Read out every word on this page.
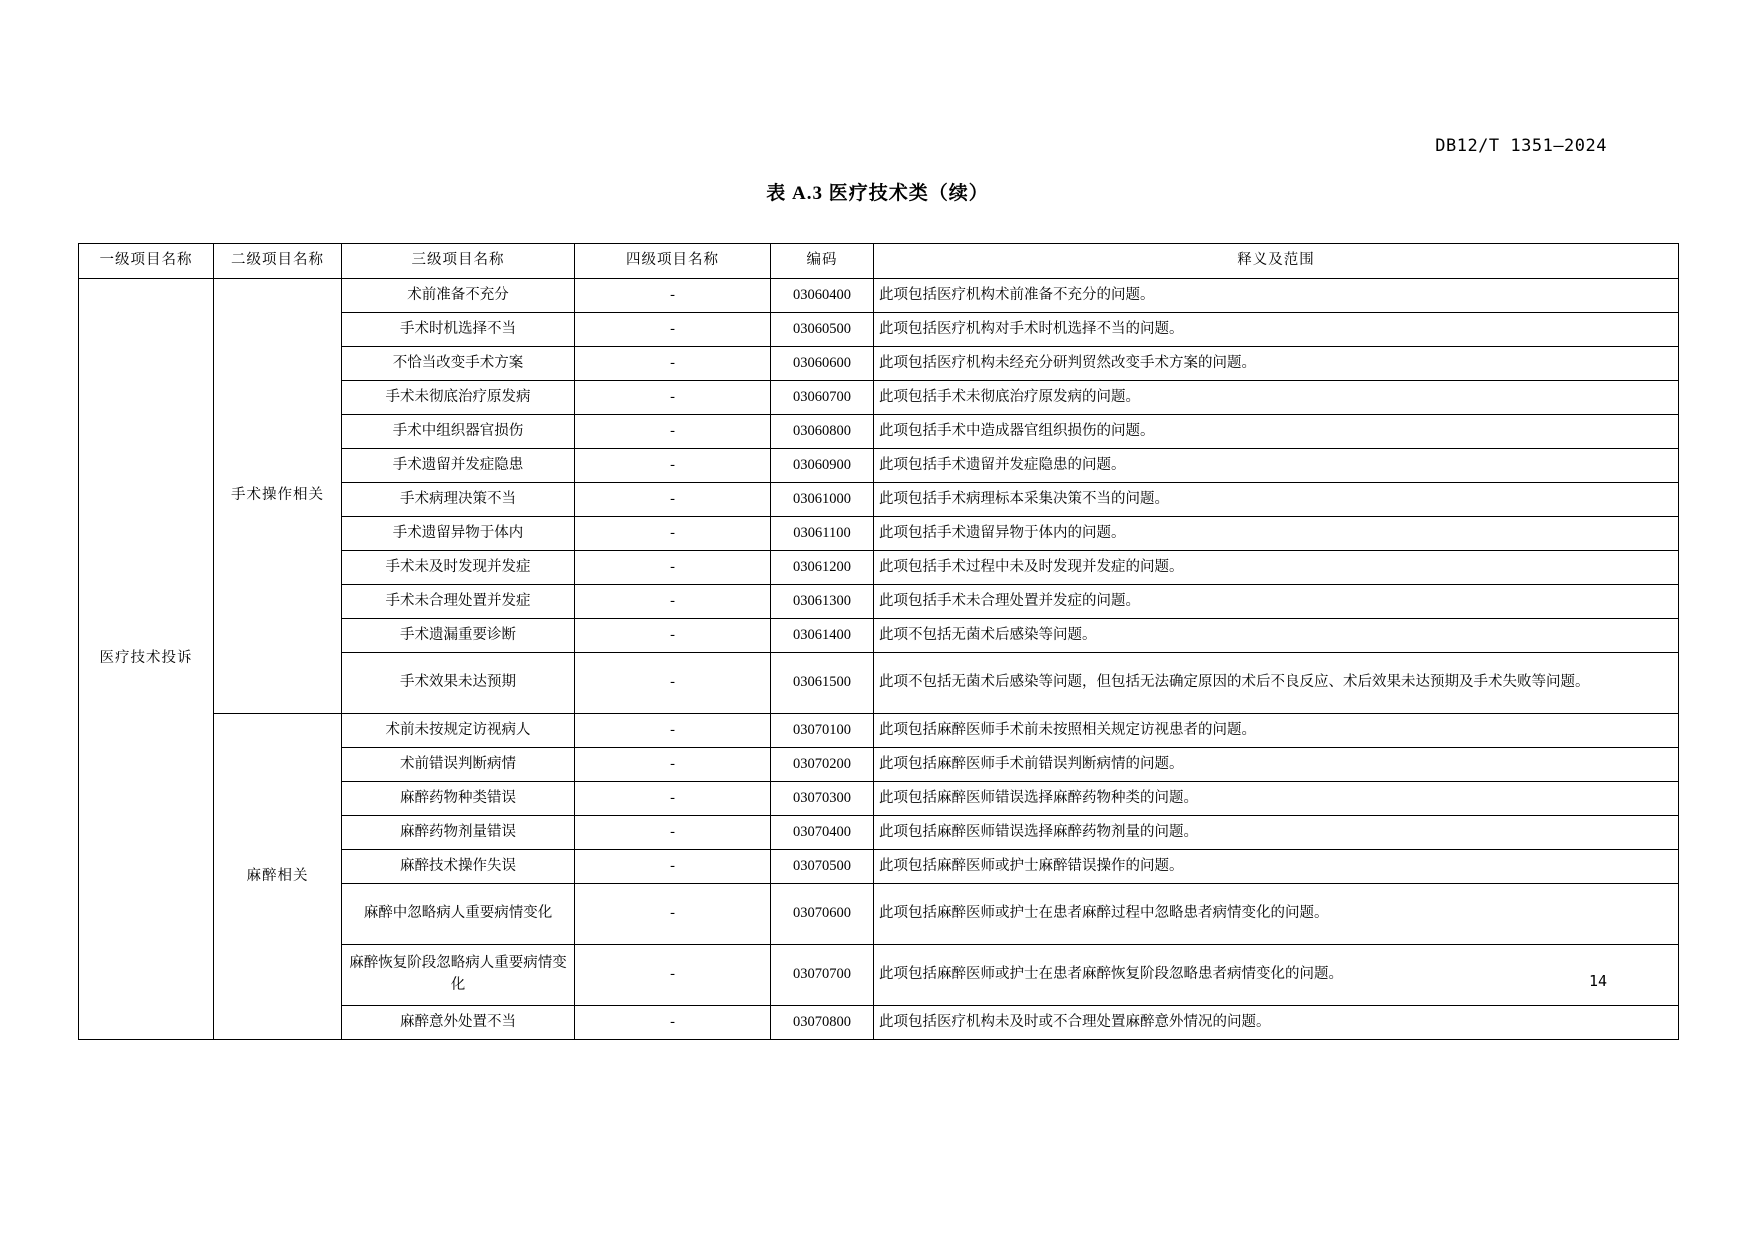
DB12/T 1351—2024
表 A.3 医疗技术类（续）
一级项目名称	二级项目名称	三级项目名称	四级项目名称	编码	释义及范围
医疗技术投诉	手术操作相关	术前准备不充分	-	03060400	此项包括医疗机构术前准备不充分的问题。
		手术时机选择不当	-	03060500	此项包括医疗机构对手术时机选择不当的问题。
		不恰当改变手术方案	-	03060600	此项包括医疗机构未经充分研判贸然改变手术方案的问题。
		手术未彻底治疗原发病	-	03060700	此项包括手术未彻底治疗原发病的问题。
		手术中组织器官损伤	-	03060800	此项包括手术中造成器官组织损伤的问题。
		手术遗留并发症隐患	-	03060900	此项包括手术遗留并发症隐患的问题。
		手术病理决策不当	-	03061000	此项包括手术病理标本采集决策不当的问题。
		手术遗留异物于体内	-	03061100	此项包括手术遗留异物于体内的问题。
		手术未及时发现并发症	-	03061200	此项包括手术过程中未及时发现并发症的问题。
		手术未合理处置并发症	-	03061300	此项包括手术未合理处置并发症的问题。
		手术遗漏重要诊断	-	03061400	此项不包括无菌术后感染等问题。
		手术效果未达预期	-	03061500	此项不包括无菌术后感染等问题，但包括无法确定原因的术后不良反应、术后效果未达预期及手术失败等问题。
	麻醉相关	术前未按规定访视病人	-	03070100	此项包括麻醉医师手术前未按照相关规定访视患者的问题。
		术前错误判断病情	-	03070200	此项包括麻醉医师手术前错误判断病情的问题。
		麻醉药物种类错误	-	03070300	此项包括麻醉医师错误选择麻醉药物种类的问题。
		麻醉药物剂量错误	-	03070400	此项包括麻醉医师错误选择麻醉药物剂量的问题。
		麻醉技术操作失误	-	03070500	此项包括麻醉医师或护士麻醉错误操作的问题。
		麻醉中忽略病人重要病情变化	-	03070600	此项包括麻醉医师或护士在患者麻醉过程中忽略患者病情变化的问题。
		麻醉恢复阶段忽略病人重要病情变化	-	03070700	此项包括麻醉医师或护士在患者麻醉恢复阶段忽略患者病情变化的问题。
		麻醉意外处置不当	-	03070800	此项包括医疗机构未及时或不合理处置麻醉意外情况的问题。
14
